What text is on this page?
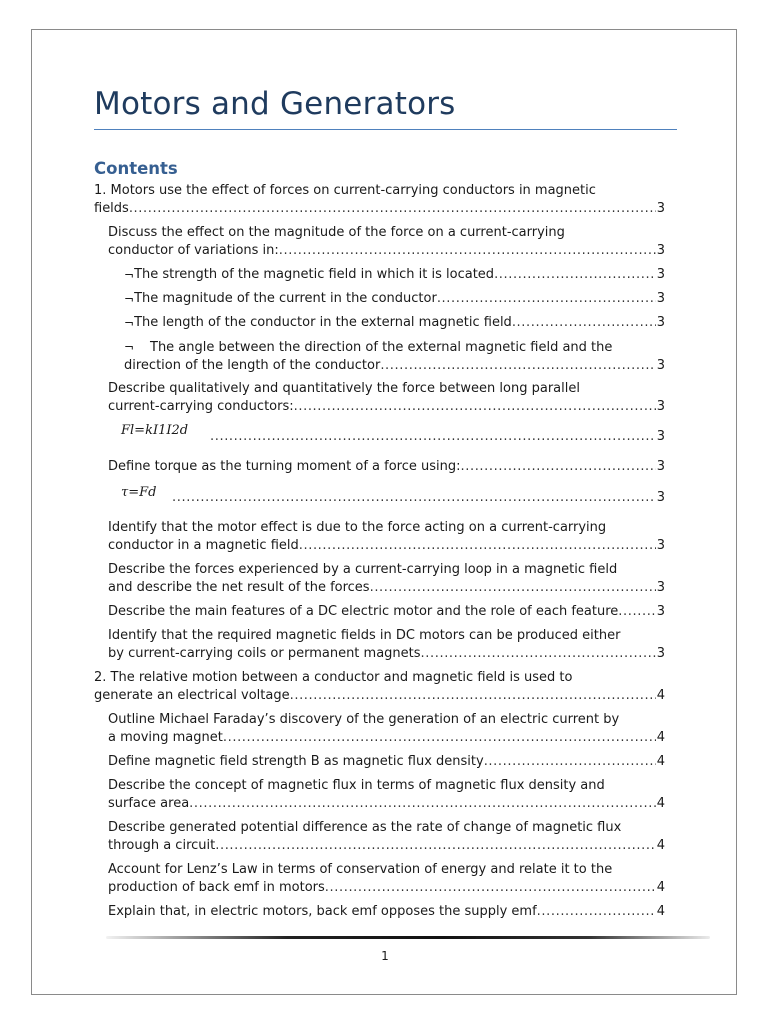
Motors and Generators
Contents
1. Motors use the effect of forces on current-carrying conductors in magnetic
fields .....	3
Discuss the effect on the magnitude of the force on a current-carrying
conductor of variations in: .....	3
¬ The strength of the magnetic field in which it is located .....	3
¬ The magnitude of the current in the conductor .....	3
¬ The length of the conductor in the external magnetic field .....	3
¬ The angle between the direction of the external magnetic field and the
direction of the length of the conductor .....	3
Describe qualitatively and quantitatively the force between long parallel
current-carrying conductors: .....	3
Fl=kI1I2d .....	3
Define torque as the turning moment of a force using: .....	3
τ=Fd .....	3
Identify that the motor effect is due to the force acting on a current-carrying
conductor in a magnetic field .....	3
Describe the forces experienced by a current-carrying loop in a magnetic field
and describe the net result of the forces .....	3
Describe the main features of a DC electric motor and the role of each feature .....	3
Identify that the required magnetic fields in DC motors can be produced either
by current-carrying coils or permanent magnets .....	3
2. The relative motion between a conductor and magnetic field is used to
generate an electrical voltage .....	4
Outline Michael Faraday’s discovery of the generation of an electric current by
a moving magnet .....	4
Define magnetic field strength B as magnetic flux density .....	4
Describe the concept of magnetic flux in terms of magnetic flux density and
surface area .....	4
Describe generated potential difference as the rate of change of magnetic flux
through a circuit .....	4
Account for Lenz’s Law in terms of conservation of energy and relate it to the
production of back emf in motors .....	4
Explain that, in electric motors, back emf opposes the supply emf .....	4
1
